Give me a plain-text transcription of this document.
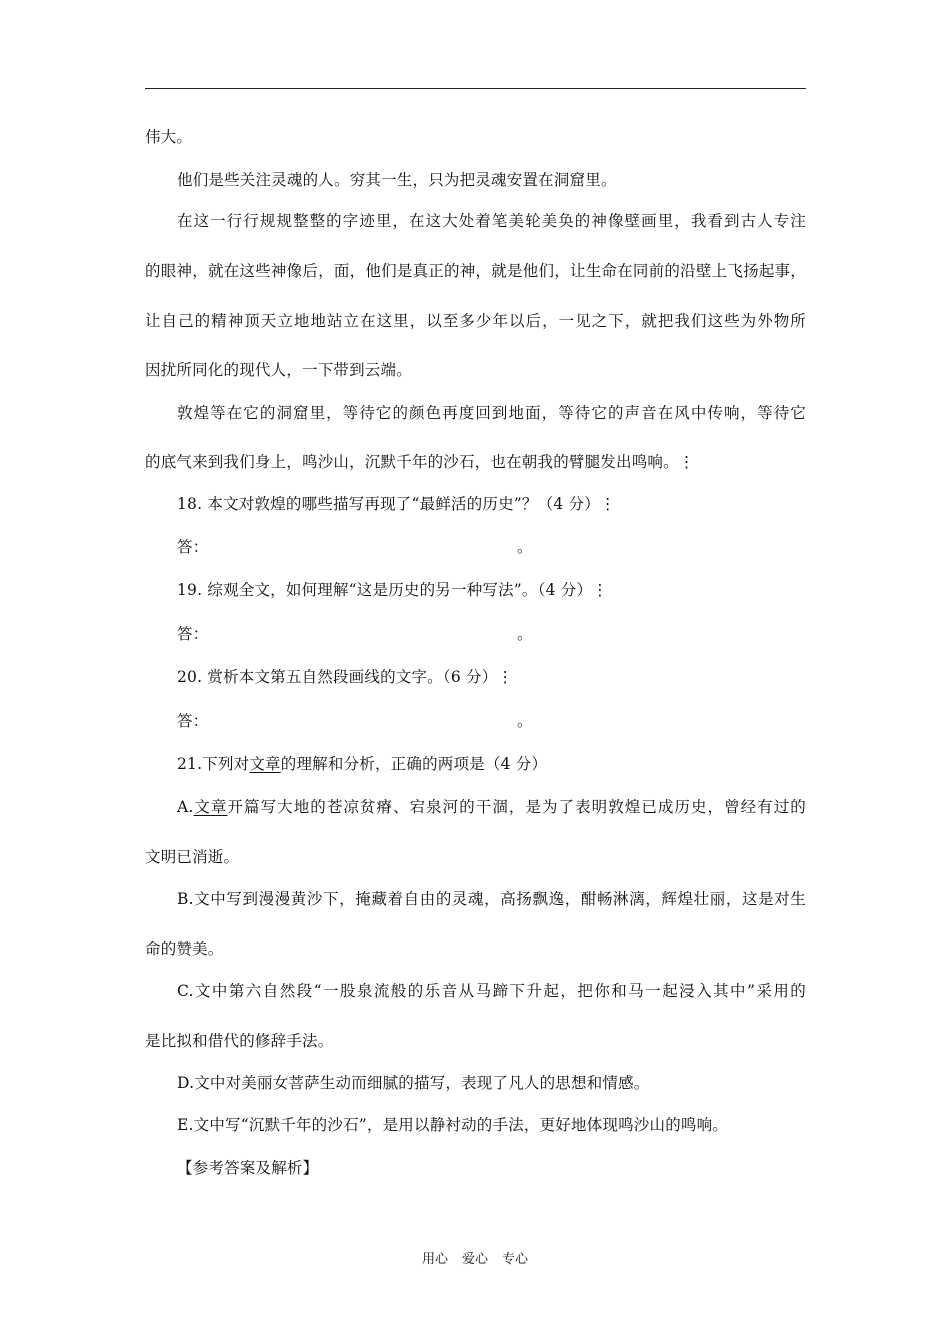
伟大。
他们是些关注灵魂的人。穷其一生，只为把灵魂安置在洞窟里。
在这一行行规规整整的字迹里，在这大处着笔美轮美奂的神像壁画里，我看到古人专注
的眼神，就在这些神像后，面，他们是真正的神，就是他们，让生命在同前的沿壁上飞扬起事，
让自己的精神顶天立地地站立在这里，以至多少年以后，一见之下，就把我们这些为外物所
因扰所同化的现代人，一下带到云端。
敦煌等在它的洞窟里，等待它的颜色再度回到地面，等待它的声音在风中传响，等待它
的底气来到我们身上，鸣沙山，沉默千年的沙石，也在朝我的臂腿发出鸣响。⋮
18. 本文对敦煌的哪些描写再现了“最鲜活的历史”？（4 分）⋮
答：	。
19. 综观全文，如何理解“这是历史的另一种写法”。（4 分）⋮
答：	。
20. 赏析本文第五自然段画线的文字。（6 分）⋮
答：	。
21.下列对文章的理解和分析，正确的两项是（4 分）
A.文章开篇写大地的苍凉贫瘠、宕泉河的干涸，是为了表明敦煌已成历史，曾经有过的
文明已消逝。
B.文中写到漫漫黄沙下，掩藏着自由的灵魂，高扬飘逸，酣畅淋漓，辉煌壮丽，这是对生
命的赞美。
C.文中第六自然段“一股泉流般的乐音从马蹄下升起，把你和马一起浸入其中”采用的
是比拟和借代的修辞手法。
D.文中对美丽女菩萨生动而细腻的描写，表现了凡人的思想和情感。
E.文中写“沉默千年的沙石”，是用以静衬动的手法，更好地体现鸣沙山的鸣响。
【参考答案及解析】
用心 爱心 专心
